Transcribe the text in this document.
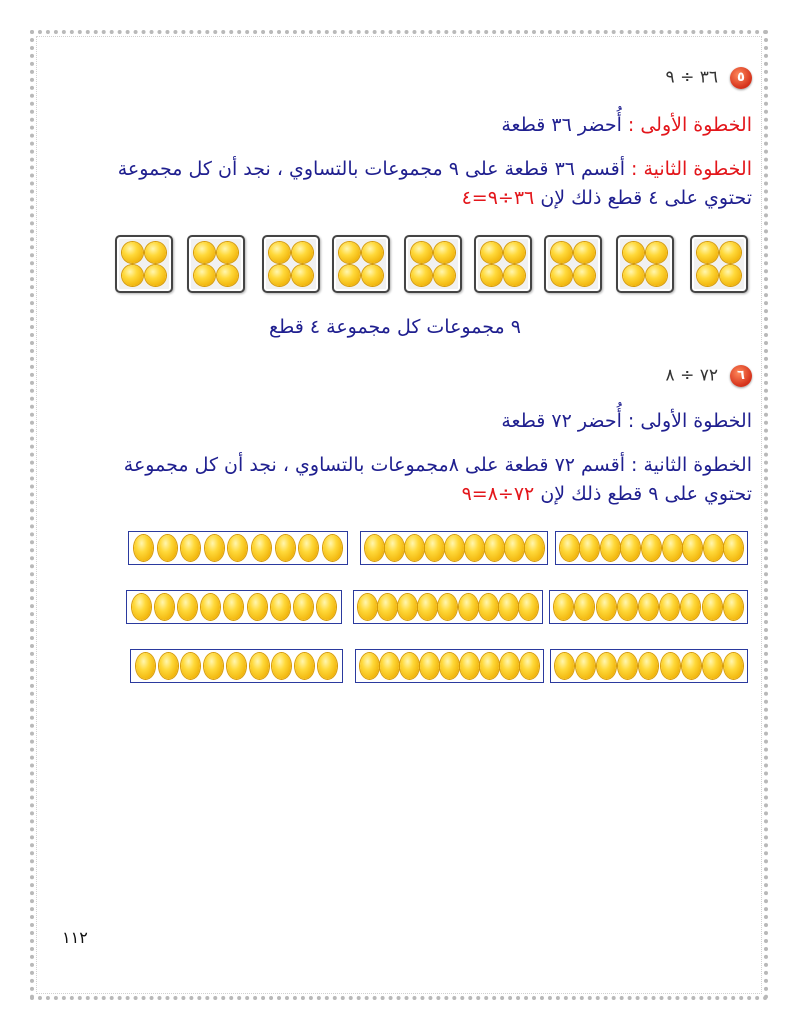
٥٣٦ ÷ ٩
الخطوة الأولى : أُحضر ٣٦ قطعة
الخطوة الثانية : أقسم ٣٦ قطعة على ٩ مجموعات بالتساوي ، نجد أن كل مجموعة
تحتوي على ٤ قطع ذلك لإن ٣٦÷٩=٤
٩ مجموعات كل مجموعة ٤ قطع
٦٧٢ ÷ ٨
الخطوة الأولى : أُحضر ٧٢ قطعة
الخطوة الثانية : أقسم ٧٢ قطعة على ٨مجموعات بالتساوي ، نجد أن كل مجموعة
تحتوي على ٩ قطع ذلك لإن ٧٢÷٨=٩
١١٢
